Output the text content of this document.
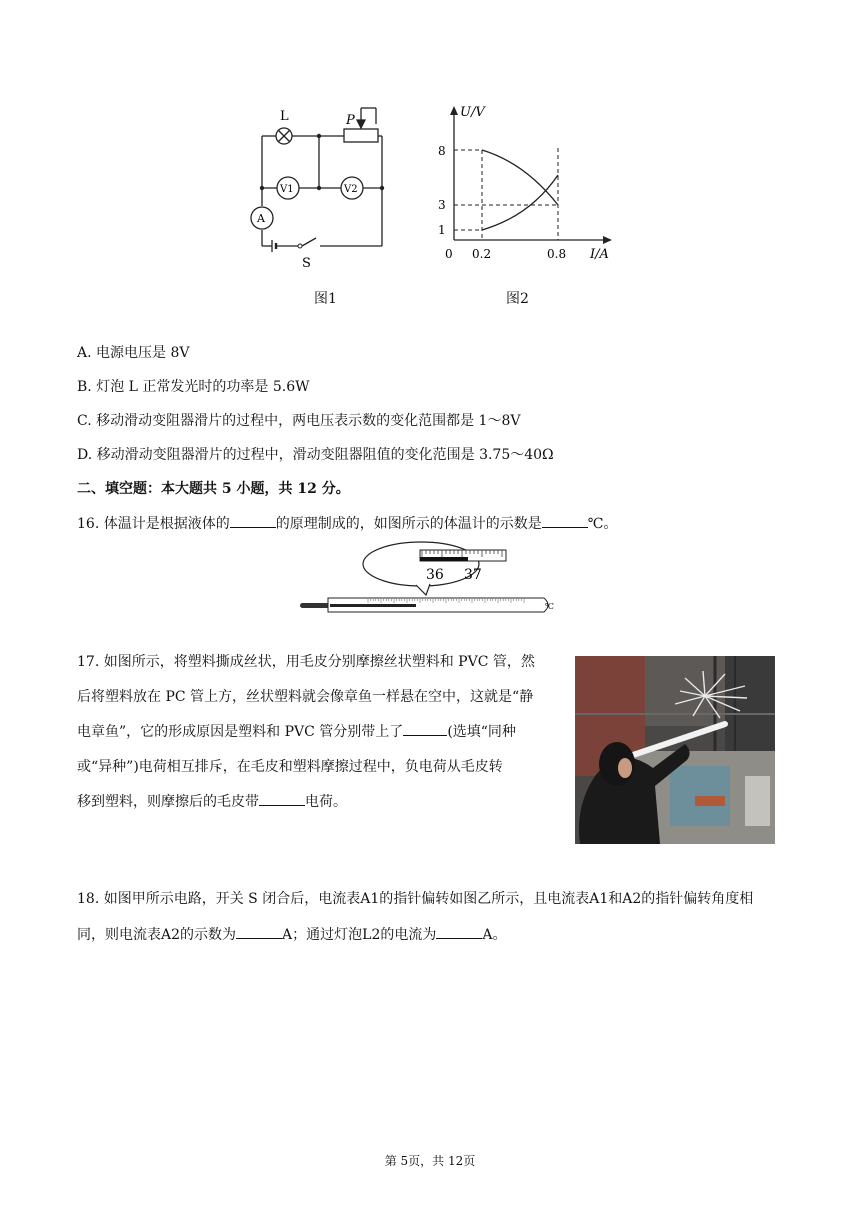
L	P
V1	V2
A
S
图1
U/V
I/A
0
8
3
1
0.2	0.8
图2
A. 电源电压是 8V
B. 灯泡 L 正常发光时的功率是 5.6W
C. 移动滑动变阻器滑片的过程中，两电压表示数的变化范围都是 1～8V
D. 移动滑动变阻器滑片的过程中，滑动变阻器阻值的变化范围是 3.75～40Ω
二、填空题：本大题共 5 小题，共 12 分。
16. 体温计是根据液体的	的原理制成的，如图所示的体温计的示数是	℃。
36 37
℃
17. 如图所示，将塑料撕成丝状，用毛皮分别摩擦丝状塑料和 PVC 管，然
后将塑料放在 PC 管上方，丝状塑料就会像章鱼一样悬在空中，这就是“静
电章鱼”，它的形成原因是塑料和 PVC 管分别带上了	(选填“同种
或“异种”)电荷相互排斥，在毛皮和塑料摩擦过程中，负电荷从毛皮转
移到塑料，则摩擦后的毛皮带	电荷。
18. 如图甲所示电路，开关 S 闭合后，电流表A1的指针偏转如图乙所示，且电流表A1和A2的指针偏转角度相
同，则电流表A2的示数为	A；通过灯泡L2的电流为	A。
第 5页，共 12页
